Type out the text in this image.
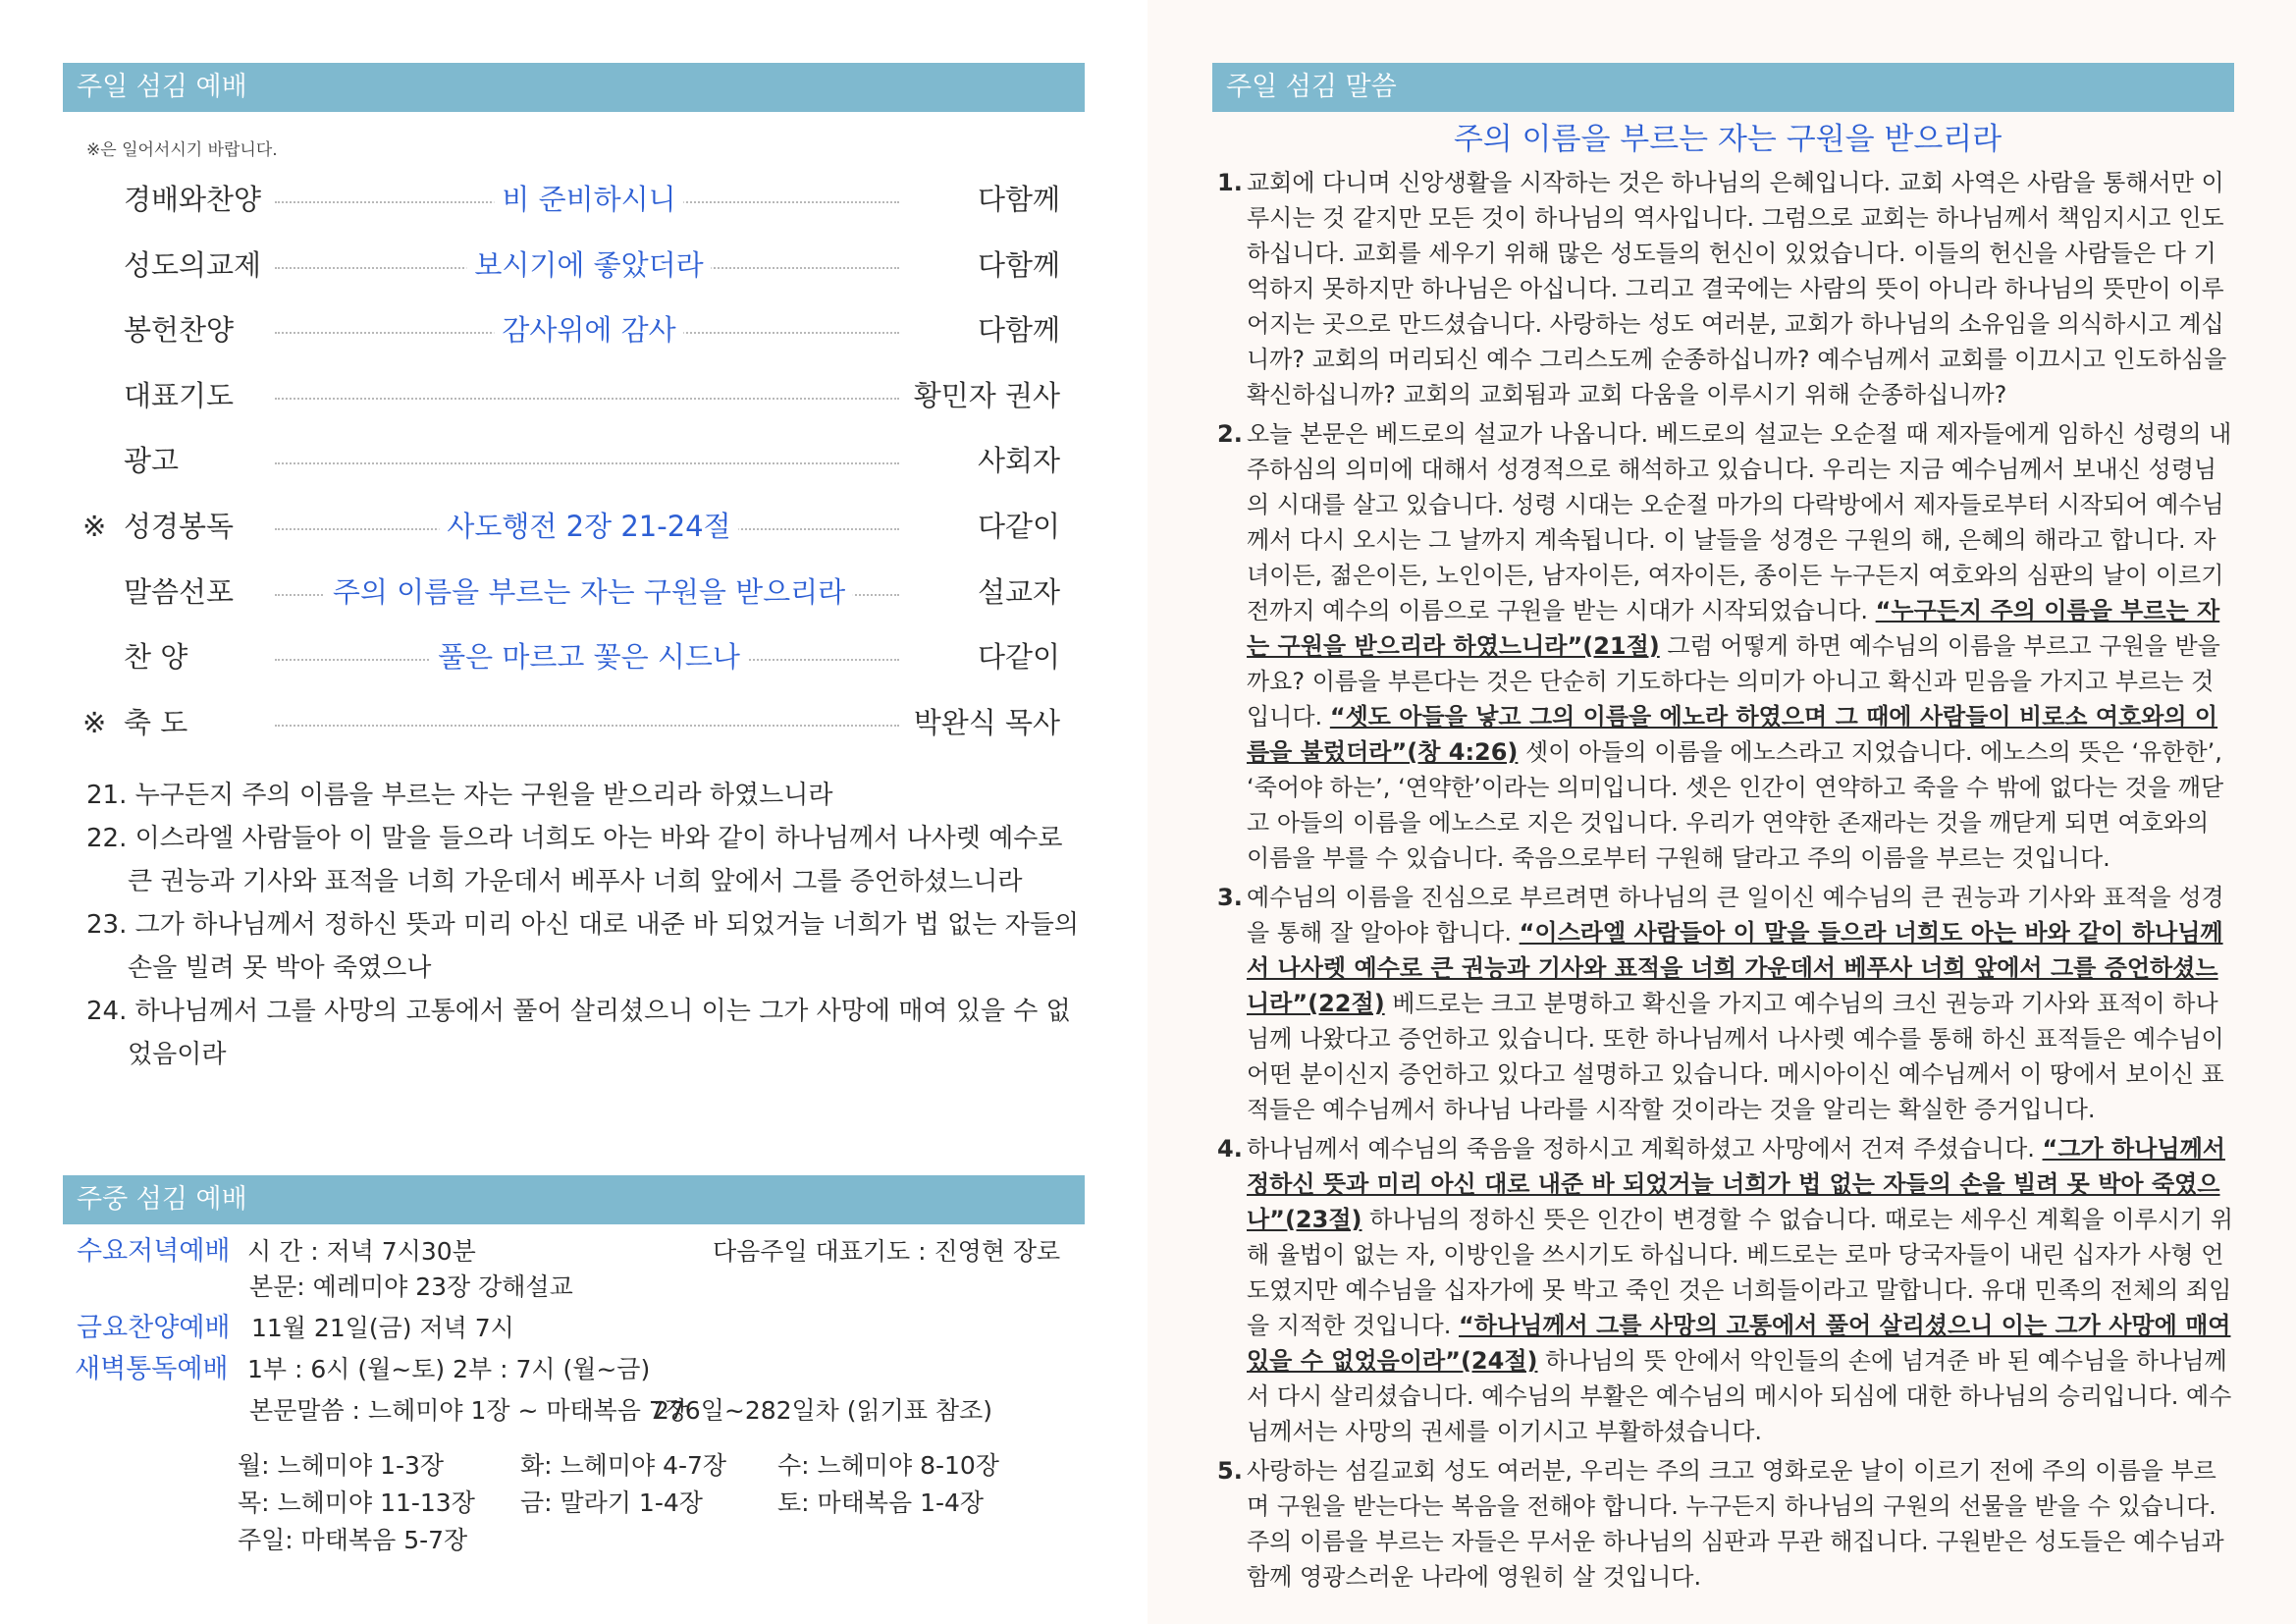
주일 섬김 예배
※은 일어서시기 바랍니다.
경배와찬양	비 준비하시니	다함께
성도의교제	보시기에 좋았더라	다함께
봉헌찬양	감사위에 감사	다함께
대표기도	황민자 권사
광고	사회자
※ 성경봉독	사도행전 2장 21-24절	다같이
말씀선포	주의 이름을 부르는 자는 구원을 받으리라	설교자
찬 양	풀은 마르고 꽃은 시드나	다같이
※ 축 도	박완식 목사
21. 누구든지 주의 이름을 부르는 자는 구원을 받으리라 하였느니라
22. 이스라엘 사람들아 이 말을 들으라 너희도 아는 바와 같이 하나님께서 나사렛 예수로 큰 권능과 기사와 표적을 너희 가운데서 베푸사 너희 앞에서 그를 증언하셨느니라
23. 그가 하나님께서 정하신 뜻과 미리 아신 대로 내준 바 되었거늘 너희가 법 없는 자들의 손을 빌려 못 박아 죽였으나
24. 하나님께서 그를 사망의 고통에서 풀어 살리셨으니 이는 그가 사망에 매여 있을 수 없었음이라
주중 섬김 예배
수요저녁예배 시 간 : 저녁 7시30분	다음주일 대표기도 : 진영현 장로
본문: 예레미야 23장 강해설교
금요찬양예배 11월 21일(금) 저녁 7시
새벽통독예배 1부 : 6시 (월~토) 2부 : 7시 (월~금)
본문말씀 : 느헤미야 1장 ~ 마태복음 7장
276일~282일차 (읽기표 참조)
월: 느헤미야 1-3장	화: 느헤미야 4-7장 수: 느헤미야 8-10장
목: 느헤미야 11-13장 금: 말라기 1-4장	토: 마태복음 1-4장
주일: 마태복음 5-7장
주일 섬김 말씀
주의 이름을 부르는 자는 구원을 받으리라
1. 교회에 다니며 신앙생활을 시작하는 것은 하나님의 은혜입니다. 교회 사역은 사람을 통해서만 이루시는 것 같지만 모든 것이 하나님의 역사입니다. 그럼으로 교회는 하나님께서 책임지시고 인도하십니다. 교회를 세우기 위해 많은 성도들의 헌신이 있었습니다. 이들의 헌신을 사람들은 다 기억하지 못하지만 하나님은 아십니다. 그리고 결국에는 사람의 뜻이 아니라 하나님의 뜻만이 이루어지는 곳으로 만드셨습니다. 사랑하는 성도 여러분, 교회가 하나님의 소유임을 의식하시고 계십니까? 교회의 머리되신 예수 그리스도께 순종하십니까? 예수님께서 교회를 이끄시고 인도하심을 확신하십니까? 교회의 교회됨과 교회 다움을 이루시기 위해 순종하십니까?
2. 오늘 본문은 베드로의 설교가 나옵니다. 베드로의 설교는 오순절 때 제자들에게 임하신 성령의 내주하심의 의미에 대해서 성경적으로 해석하고 있습니다. 우리는 지금 예수님께서 보내신 성령님의 시대를 살고 있습니다. 성령 시대는 오순절 마가의 다락방에서 제자들로부터 시작되어 예수님께서 다시 오시는 그 날까지 계속됩니다. 이 날들을 성경은 구원의 해, 은혜의 해라고 합니다. 자녀이든, 젊은이든, 노인이든, 남자이든, 여자이든, 종이든 누구든지 여호와의 심판의 날이 이르기 전까지 예수의 이름으로 구원을 받는 시대가 시작되었습니다. “누구든지 주의 이름을 부르는 자는 구원을 받으리라 하였느니라”(21절) 그럼 어떻게 하면 예수님의 이름을 부르고 구원을 받을까요? 이름을 부른다는 것은 단순히 기도하다는 의미가 아니고 확신과 믿음을 가지고 부르는 것입니다. “셋도 아들을 낳고 그의 이름을 에노라 하였으며 그 때에 사람들이 비로소 여호와의 이름을 불렀더라”(창 4:26) 셋이 아들의 이름을 에노스라고 지었습니다. 에노스의 뜻은 ‘유한한’, ‘죽어야 하는’, ‘연약한’이라는 의미입니다. 셋은 인간이 연약하고 죽을 수 밖에 없다는 것을 깨닫고 아들의 이름을 에노스로 지은 것입니다. 우리가 연약한 존재라는 것을 깨닫게 되면 여호와의 이름을 부를 수 있습니다. 죽음으로부터 구원해 달라고 주의 이름을 부르는 것입니다.
3. 예수님의 이름을 진심으로 부르려면 하나님의 큰 일이신 예수님의 큰 권능과 기사와 표적을 성경을 통해 잘 알아야 합니다. “이스라엘 사람들아 이 말을 들으라 너희도 아는 바와 같이 하나님께서 나사렛 예수로 큰 권능과 기사와 표적을 너희 가운데서 베푸사 너희 앞에서 그를 증언하셨느니라”(22절) 베드로는 크고 분명하고 확신을 가지고 예수님의 크신 권능과 기사와 표적이 하나님께 나왔다고 증언하고 있습니다. 또한 하나님께서 나사렛 예수를 통해 하신 표적들은 예수님이 어떤 분이신지 증언하고 있다고 설명하고 있습니다. 메시아이신 예수님께서 이 땅에서 보이신 표적들은 예수님께서 하나님 나라를 시작할 것이라는 것을 알리는 확실한 증거입니다.
4. 하나님께서 예수님의 죽음을 정하시고 계획하셨고 사망에서 건져 주셨습니다. “그가 하나님께서 정하신 뜻과 미리 아신 대로 내준 바 되었거늘 너희가 법 없는 자들의 손을 빌려 못 박아 죽였으나”(23절) 하나님의 정하신 뜻은 인간이 변경할 수 없습니다. 때로는 세우신 계획을 이루시기 위해 율법이 없는 자, 이방인을 쓰시기도 하십니다. 베드로는 로마 당국자들이 내린 십자가 사형 언도였지만 예수님을 십자가에 못 박고 죽인 것은 너희들이라고 말합니다. 유대 민족의 전체의 죄임을 지적한 것입니다. “하나님께서 그를 사망의 고통에서 풀어 살리셨으니 이는 그가 사망에 매여 있을 수 없었음이라”(24절) 하나님의 뜻 안에서 악인들의 손에 넘겨준 바 된 예수님을 하나님께서 다시 살리셨습니다. 예수님의 부활은 예수님의 메시아 되심에 대한 하나님의 승리입니다. 예수님께서는 사망의 권세를 이기시고 부활하셨습니다.
5. 사랑하는 섬길교회 성도 여러분, 우리는 주의 크고 영화로운 날이 이르기 전에 주의 이름을 부르며 구원을 받는다는 복음을 전해야 합니다. 누구든지 하나님의 구원의 선물을 받을 수 있습니다. 주의 이름을 부르는 자들은 무서운 하나님의 심판과 무관 해집니다. 구원받은 성도들은 예수님과 함께 영광스러운 나라에 영원히 살 것입니다.
